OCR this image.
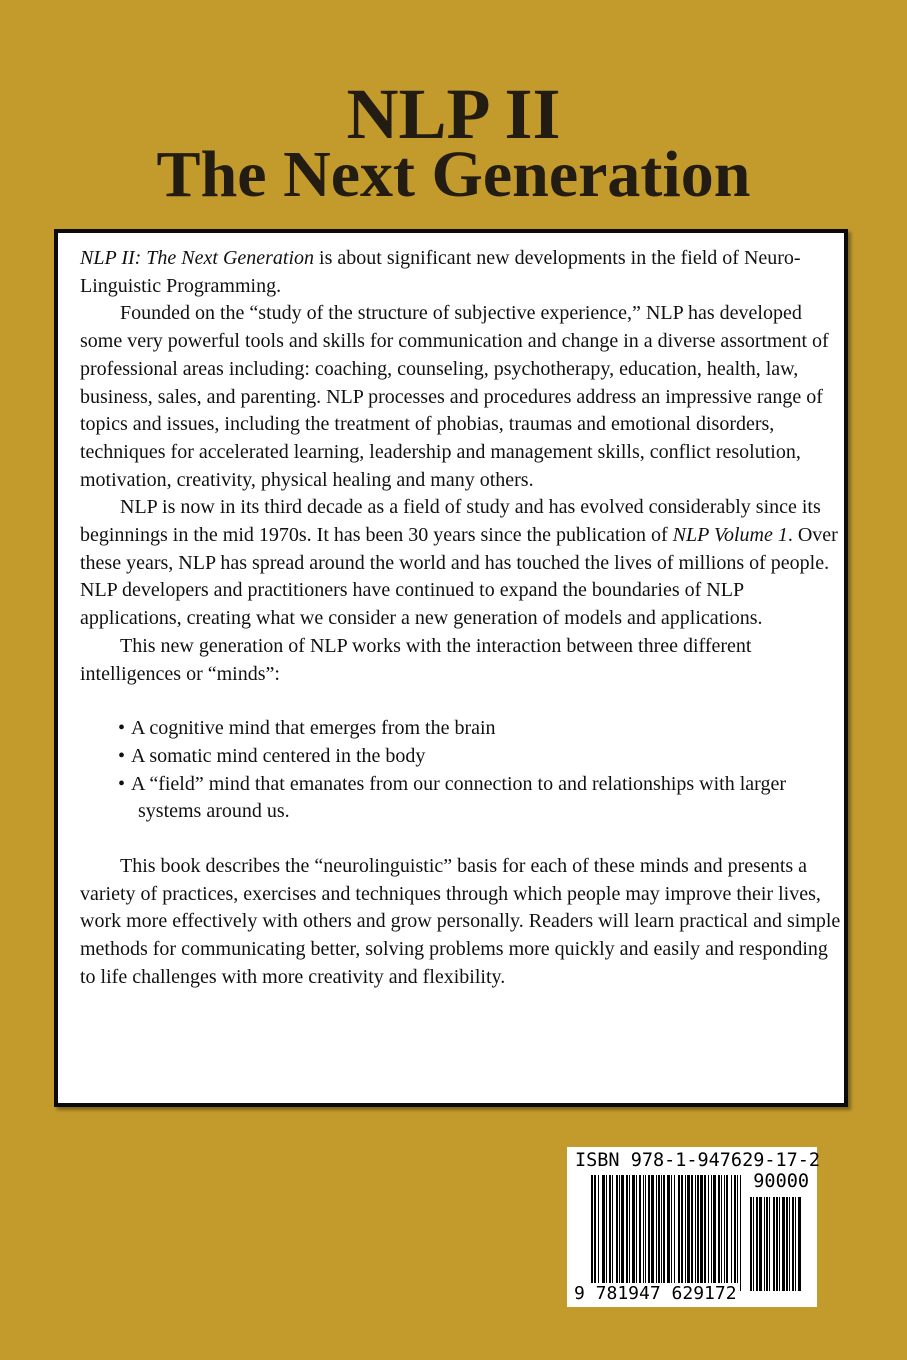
NLP II
The Next Generation

NLP II: The Next Generation is about significant new developments in the field of Neuro-Linguistic Programming.

Founded on the “study of the structure of subjective experience,” NLP has developed some very powerful tools and skills for communication and change in a diverse assortment of professional areas including: coaching, counseling, psychotherapy, education, health, law, business, sales, and parenting. NLP processes and procedures address an impressive range of topics and issues, including the treatment of phobias, traumas and emotional disorders, techniques for accelerated learning, leadership and management skills, conflict resolution, motivation, creativity, physical healing and many others.

NLP is now in its third decade as a field of study and has evolved considerably since its beginnings in the mid 1970s. It has been 30 years since the publication of NLP Volume 1. Over these years, NLP has spread around the world and has touched the lives of millions of people. NLP developers and practitioners have continued to expand the boundaries of NLP applications, creating what we consider a new generation of models and applications.

This new generation of NLP works with the interaction between three different intelligences or “minds”:

• A cognitive mind that emerges from the brain
• A somatic mind centered in the body
• A “field” mind that emanates from our connection to and relationships with larger systems around us.

This book describes the “neurolinguistic” basis for each of these minds and presents a variety of practices, exercises and techniques through which people may improve their lives, work more effectively with others and grow personally. Readers will learn practical and simple methods for communicating better, solving problems more quickly and easily and responding to life challenges with more creativity and flexibility.

ISBN 978-1-947629-17-2
90000
9 781947 629172
